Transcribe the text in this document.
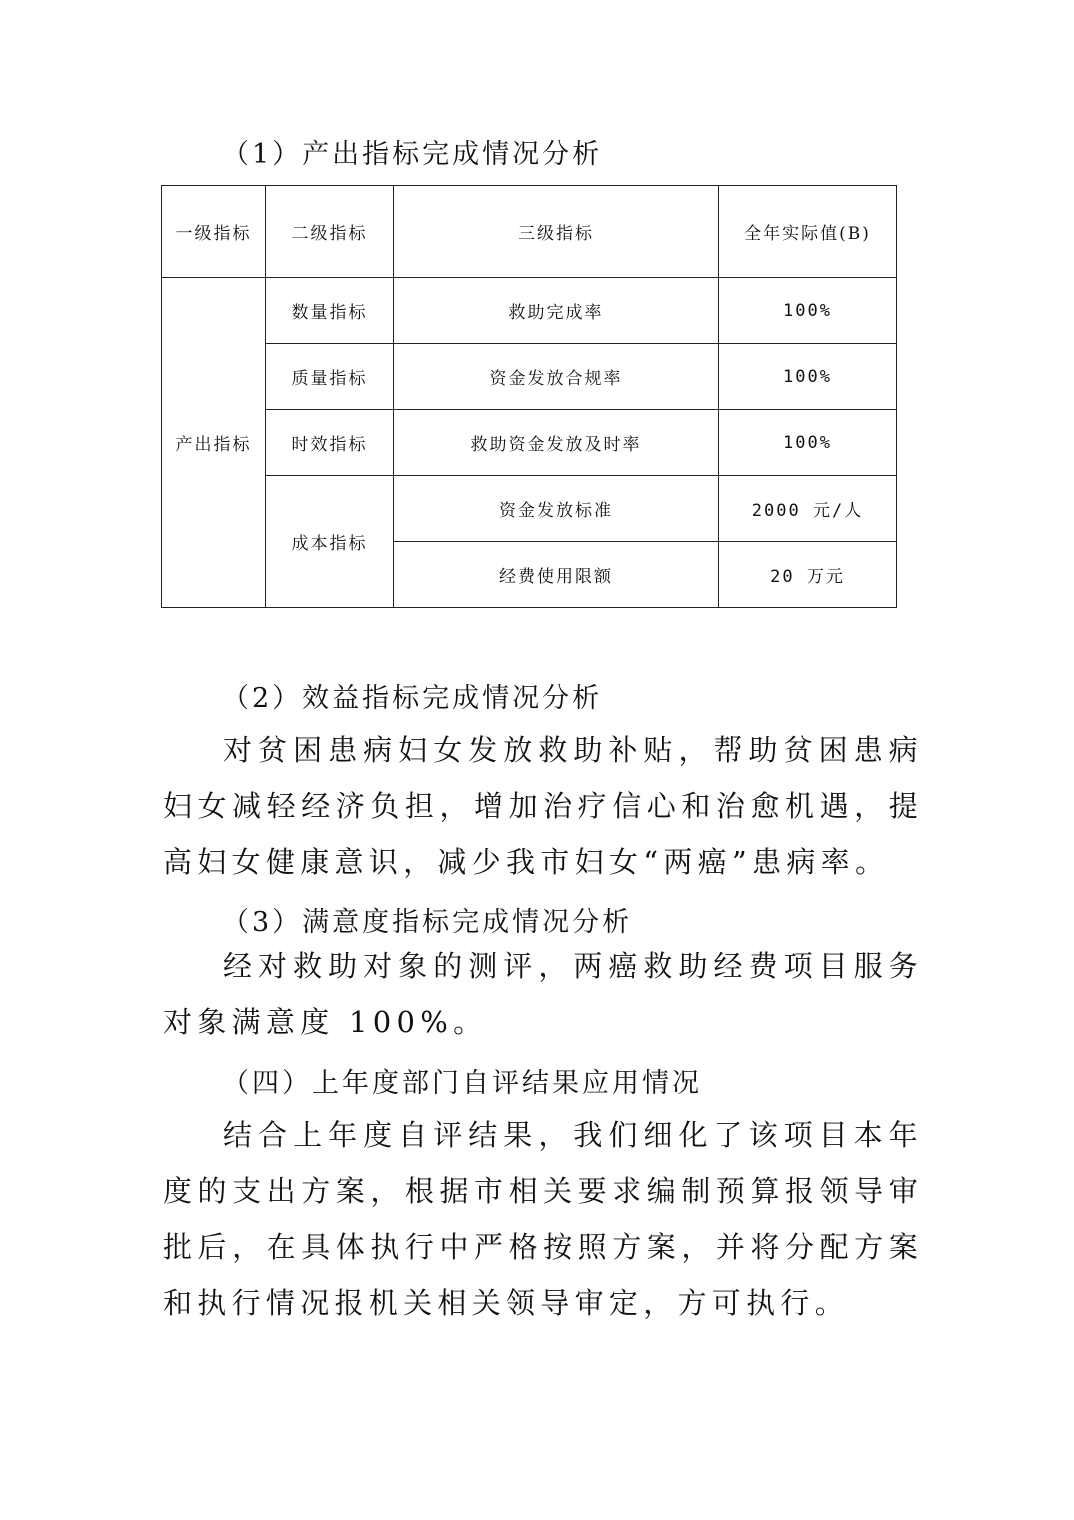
（1）产出指标完成情况分析
一级指标	二级指标	三级指标	全年实际值(B)
产出指标	数量指标	救助完成率	100%
	质量指标	资金发放合规率	100%
	时效指标	救助资金发放及时率	100%
	成本指标	资金发放标准	2000 元/人
		经费使用限额	20 万元
（2）效益指标完成情况分析

对贫困患病妇女发放救助补贴，帮助贫困患病妇女减轻经济负担，增加治疗信心和治愈机遇，提高妇女健康意识，减少我市妇女“两癌”患病率。

（3）满意度指标完成情况分析

经对救助对象的测评，两癌救助经费项目服务对象满意度 100%。

（四）上年度部门自评结果应用情况

结合上年度自评结果，我们细化了该项目本年度的支出方案，根据市相关要求编制预算报领导审批后，在具体执行中严格按照方案，并将分配方案和执行情况报机关相关领导审定，方可执行。
